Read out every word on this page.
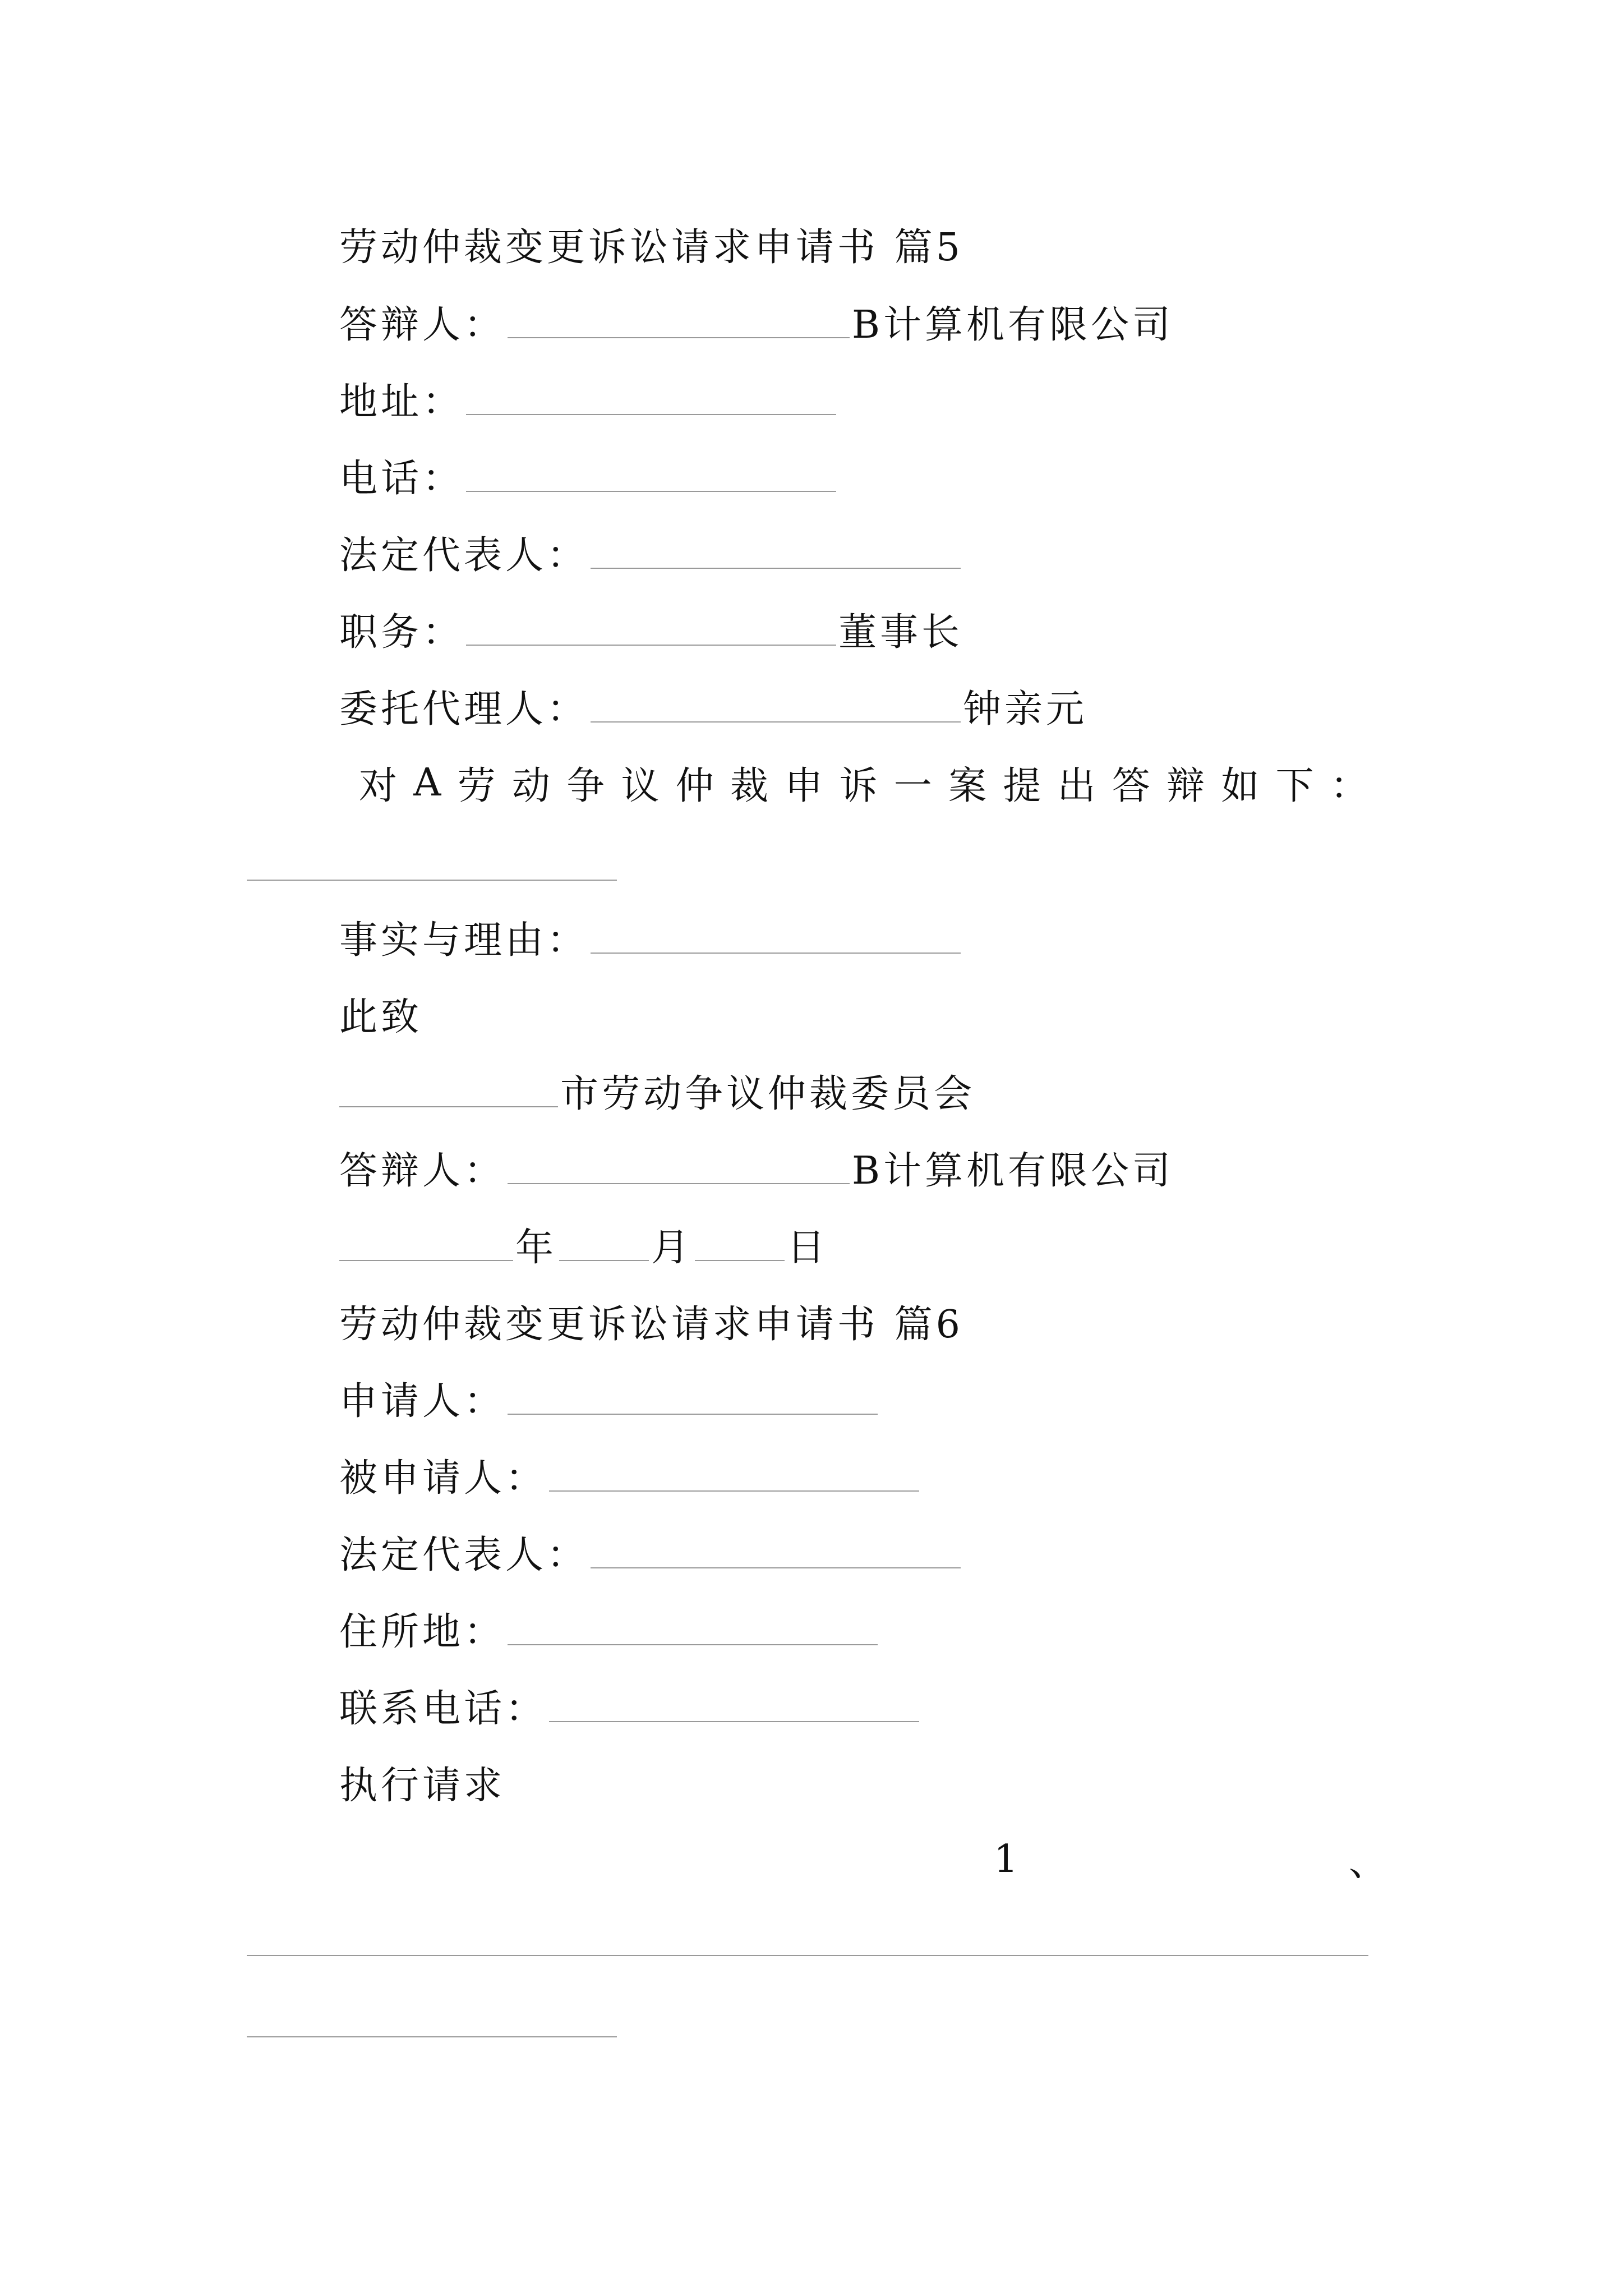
劳动仲裁变更诉讼请求申请书 篇5
答辩人：	B计算机有限公司
地址：
电话：
法定代表人：
职务：	董事长
委托代理人：	钟亲元
对 A 劳 动 争 议 仲 裁 申 诉 一 案 提 出 答 辩 如 下 ：
事实与理由：
此致
市劳动争议仲裁委员会
答辩人：	B计算机有限公司
年 月 日
劳动仲裁变更诉讼请求申请书 篇6
申请人：
被申请人：
法定代表人：
住所地：
联系电话：
执行请求
1	、
